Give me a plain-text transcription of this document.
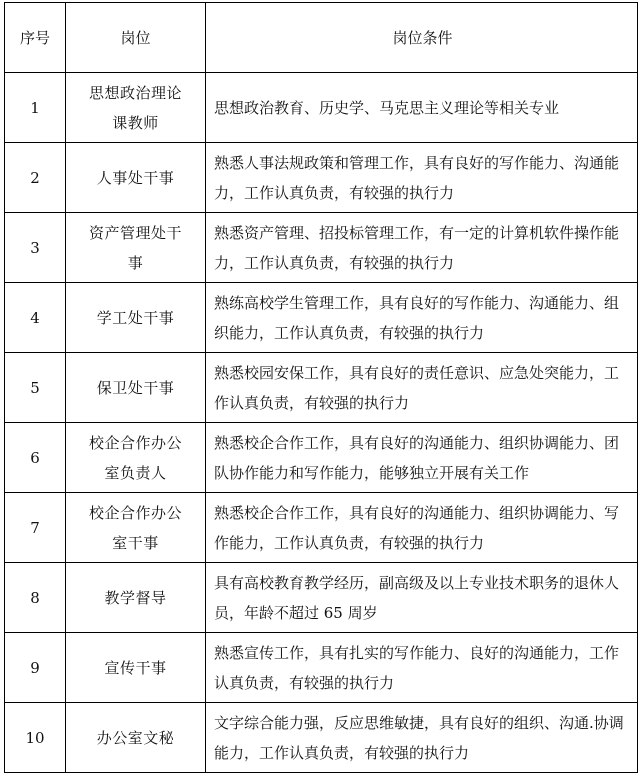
序号	岗位	岗位条件
1	思想政治理论课教师	思想政治教育、历史学、马克思主义理论等相关专业
2	人事处干事	熟悉人事法规政策和管理工作，具有良好的写作能力、沟通能力，工作认真负责，有较强的执行力
3	资产管理处干事	熟悉资产管理、招投标管理工作，有一定的计算机软件操作能力，工作认真负责，有较强的执行力
4	学工处干事	熟练高校学生管理工作，具有良好的写作能力、沟通能力、组织能力，工作认真负责，有较强的执行力
5	保卫处干事	熟悉校园安保工作，具有良好的责任意识、应急处突能力，工作认真负责，有较强的执行力
6	校企合作办公室负责人	熟悉校企合作工作，具有良好的沟通能力、组织协调能力、团队协作能力和写作能力，能够独立开展有关工作
7	校企合作办公室干事	熟悉校企合作工作，具有良好的沟通能力、组织协调能力、写作能力，工作认真负责，有较强的执行力
8	教学督导	具有高校教育教学经历，副高级及以上专业技术职务的退休人员，年龄不超过 65 周岁
9	宣传干事	熟悉宣传工作，具有扎实的写作能力、良好的沟通能力，工作认真负责，有较强的执行力
10	办公室文秘	文字综合能力强，反应思维敏捷，具有良好的组织、沟通.协调能力，工作认真负责，有较强的执行力
